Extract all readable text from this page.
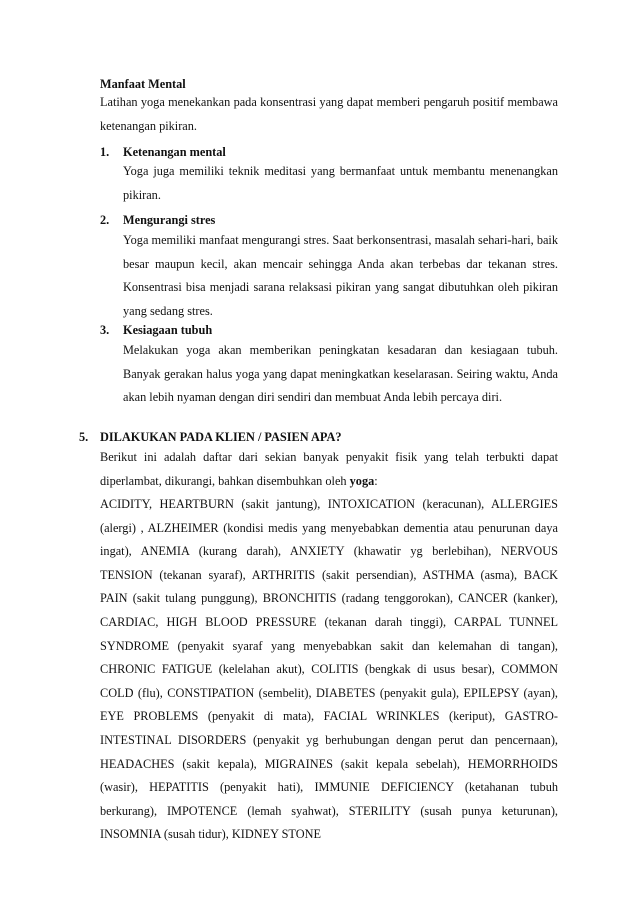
Manfaat Mental

Latihan yoga menekankan pada konsentrasi yang dapat memberi pengaruh positif membawa ketenangan pikiran.

1. Ketenangan mental

Yoga juga memiliki teknik meditasi yang bermanfaat untuk membantu menenangkan pikiran.

2. Mengurangi stres

Yoga memiliki manfaat mengurangi stres. Saat berkonsentrasi, masalah sehari-hari, baik besar maupun kecil, akan mencair sehingga Anda akan terbebas dar tekanan stres. Konsentrasi bisa menjadi sarana relaksasi pikiran yang sangat dibutuhkan oleh pikiran yang sedang stres.

3. Kesiagaan tubuh

Melakukan yoga akan memberikan peningkatan kesadaran dan kesiagaan tubuh. Banyak gerakan halus yoga yang dapat meningkatkan keselarasan. Seiring waktu, Anda akan lebih nyaman dengan diri sendiri dan membuat Anda lebih percaya diri.

5. DILAKUKAN PADA KLIEN / PASIEN APA?

Berikut ini adalah daftar dari sekian banyak penyakit fisik yang telah terbukti dapat diperlambat, dikurangi, bahkan disembuhkan oleh yoga:

ACIDITY, HEARTBURN (sakit jantung), INTOXICATION (keracunan), ALLERGIES (alergi) , ALZHEIMER (kondisi medis yang menyebabkan dementia atau penurunan daya ingat), ANEMIA (kurang darah), ANXIETY (khawatir yg berlebihan), NERVOUS TENSION (tekanan syaraf), ARTHRITIS (sakit persendian), ASTHMA (asma), BACK PAIN (sakit tulang punggung), BRONCHITIS (radang tenggorokan), CANCER (kanker), CARDIAC, HIGH BLOOD PRESSURE (tekanan darah tinggi), CARPAL TUNNEL SYNDROME (penyakit syaraf yang menyebabkan sakit dan kelemahan di tangan), CHRONIC FATIGUE (kelelahan akut), COLITIS (bengkak di usus besar), COMMON COLD (flu), CONSTIPATION (sembelit), DIABETES (penyakit gula), EPILEPSY (ayan), EYE PROBLEMS (penyakit di mata), FACIAL WRINKLES (keriput), GASTRO-INTESTINAL DISORDERS (penyakit yg berhubungan dengan perut dan pencernaan), HEADACHES (sakit kepala), MIGRAINES (sakit kepala sebelah), HEMORRHOIDS (wasir), HEPATITIS (penyakit hati), IMMUNIE DEFICIENCY (ketahanan tubuh berkurang), IMPOTENCE (lemah syahwat), STERILITY (susah punya keturunan), INSOMNIA (susah tidur), KIDNEY STONE
